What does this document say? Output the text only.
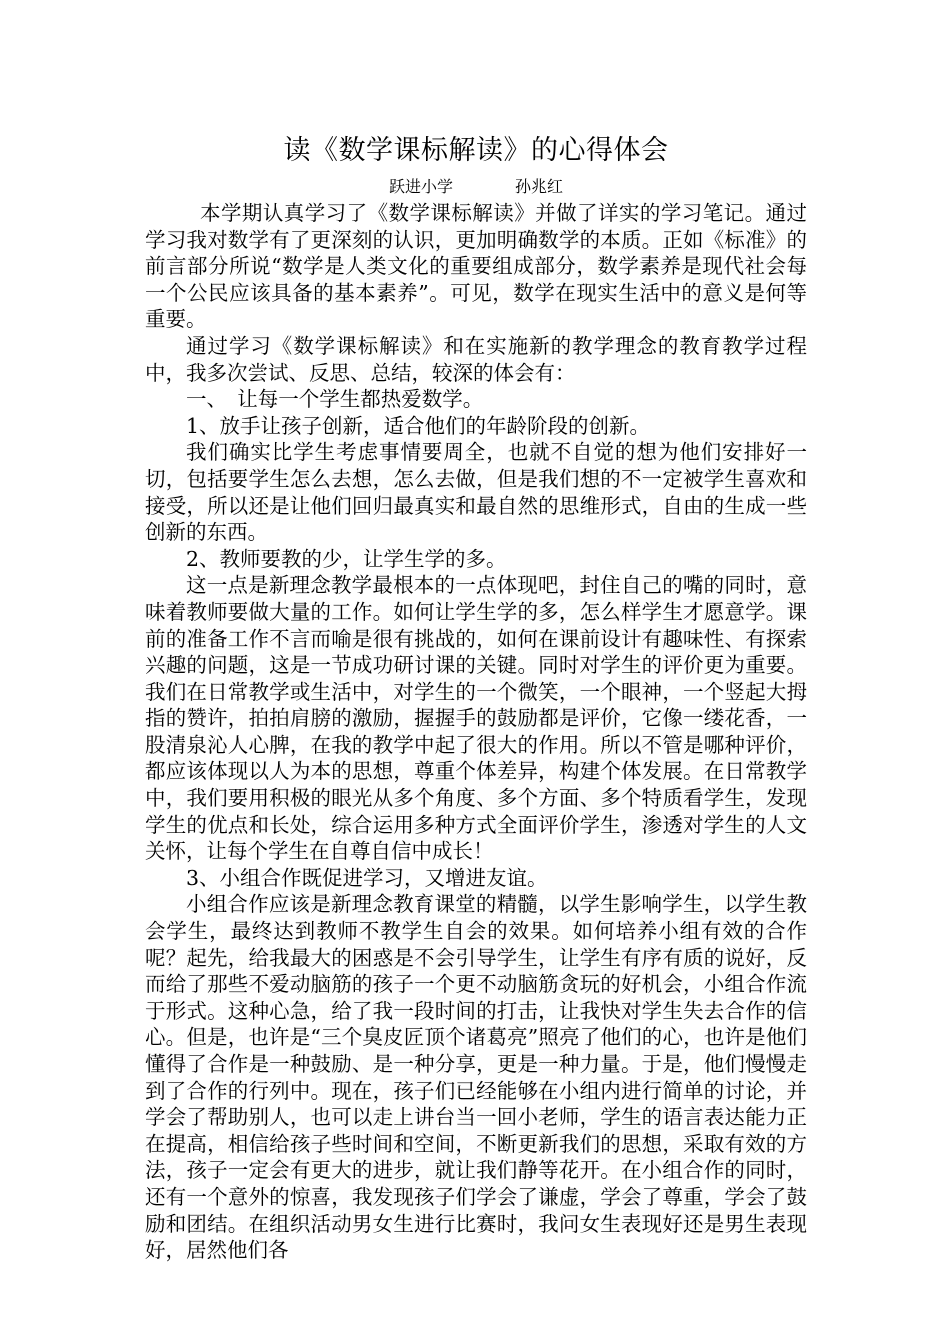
读《数学课标解读》的心得体会
跃进小学	孙兆红

本学期认真学习了《数学课标解读》并做了详实的学习笔记。通过学习我对数学有了更深刻的认识，更加明确数学的本质。正如《标准》的前言部分所说“数学是人类文化的重要组成部分，数学素养是现代社会每一个公民应该具备的基本素养”。可见，数学在现实生活中的意义是何等重要。

通过学习《数学课标解读》和在实施新的教学理念的教育教学过程中，我多次尝试、反思、总结，较深的体会有：

一、　让每一个学生都热爱数学。

1、放手让孩子创新，适合他们的年龄阶段的创新。

我们确实比学生考虑事情要周全，也就不自觉的想为他们安排好一切，包括要学生怎么去想，怎么去做，但是我们想的不一定被学生喜欢和接受，所以还是让他们回归最真实和最自然的思维形式，自由的生成一些创新的东西。

2、教师要教的少，让学生学的多。

这一点是新理念教学最根本的一点体现吧，封住自己的嘴的同时，意味着教师要做大量的工作。如何让学生学的多，怎么样学生才愿意学。课前的准备工作不言而喻是很有挑战的，如何在课前设计有趣味性、有探索兴趣的问题，这是一节成功研讨课的关键。同时对学生的评价更为重要。我们在日常教学或生活中，对学生的一个微笑，一个眼神，一个竖起大拇指的赞许，拍拍肩膀的激励，握握手的鼓励都是评价，它像一缕花香，一股清泉沁人心脾，在我的教学中起了很大的作用。所以不管是哪种评价，都应该体现以人为本的思想，尊重个体差异，构建个体发展。在日常教学中，我们要用积极的眼光从多个角度、多个方面、多个特质看学生，发现学生的优点和长处，综合运用多种方式全面评价学生，渗透对学生的人文关怀，让每个学生在自尊自信中成长！

3、小组合作既促进学习，又增进友谊。

小组合作应该是新理念教育课堂的精髓，以学生影响学生，以学生教会学生，最终达到教师不教学生自会的效果。如何培养小组有效的合作呢？起先，给我最大的困惑是不会引导学生，让学生有序有质的说好，反而给了那些不爱动脑筋的孩子一个更不动脑筋贪玩的好机会，小组合作流于形式。这种心急，给了我一段时间的打击，让我快对学生失去合作的信心。但是，也许是“三个臭皮匠顶个诸葛亮”照亮了他们的心，也许是他们懂得了合作是一种鼓励、是一种分享，更是一种力量。于是，他们慢慢走到了合作的行列中。现在，孩子们已经能够在小组内进行简单的讨论，并学会了帮助别人，也可以走上讲台当一回小老师，学生的语言表达能力正在提高，相信给孩子些时间和空间，不断更新我们的思想，采取有效的方法，孩子一定会有更大的进步，就让我们静等花开。在小组合作的同时，还有一个意外的惊喜，我发现孩子们学会了谦虚，学会了尊重，学会了鼓励和团结。在组织活动男女生进行比赛时，我问女生表现好还是男生表现好，居然他们各
